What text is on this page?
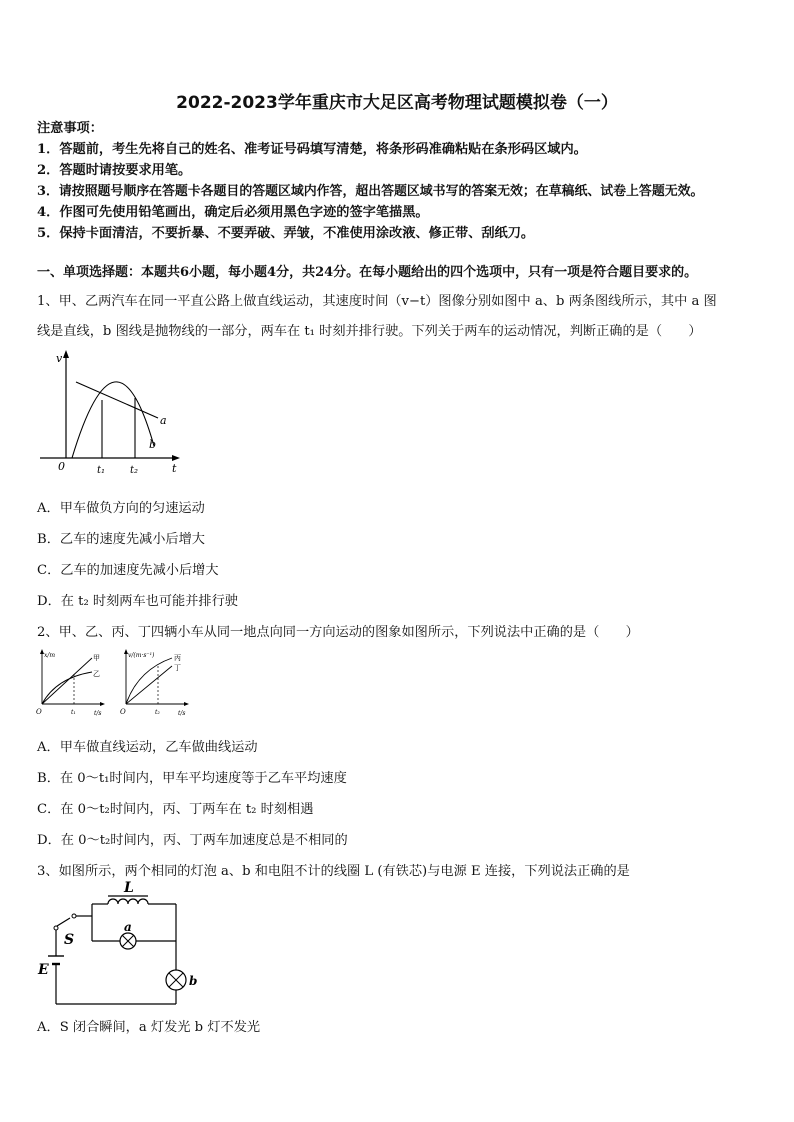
2022-2023学年重庆市大足区高考物理试题模拟卷（一）
注意事项：
1．答题前，考生先将自己的姓名、准考证号码填写清楚，将条形码准确粘贴在条形码区域内。
2．答题时请按要求用笔。
3．请按照题号顺序在答题卡各题目的答题区域内作答，超出答题区域书写的答案无效；在草稿纸、试卷上答题无效。
4．作图可先使用铅笔画出，确定后必须用黑色字迹的签字笔描黑。
5．保持卡面清洁，不要折暴、不要弄破、弄皱，不准使用涂改液、修正带、刮纸刀。
一、单项选择题：本题共6小题，每小题4分，共24分。在每小题给出的四个选项中，只有一项是符合题目要求的。
1、甲、乙两汽车在同一平直公路上做直线运动，其速度时间（v−t）图像分别如图中 a、b 两条图线所示，其中 a 图
线是直线，b 图线是抛物线的一部分，两车在 t₁ 时刻并排行驶。下列关于两车的运动情况，判断正确的是（　　）
v
t
0	t₁ t₂
a
b
A．甲车做负方向的匀速运动
B．乙车的速度先减小后增大
C．乙车的加速度先减小后增大
D．在 t₂ 时刻两车也可能并排行驶
2、甲、乙、丙、丁四辆小车从同一地点向同一方向运动的图象如图所示，下列说法中正确的是（　　）
x/m
t/s
O	t₁
甲
乙
v/(m·s⁻¹)
t/s
O	t₂
丙
丁
A．甲车做直线运动，乙车做曲线运动
B．在 0～t₁时间内，甲车平均速度等于乙车平均速度
C．在 0～t₂时间内，丙、丁两车在 t₂ 时刻相遇
D．在 0～t₂时间内，丙、丁两车加速度总是不相同的
3、如图所示，两个相同的灯泡 a、b 和电阻不计的线圈 L (有铁芯)与电源 E 连接，下列说法正确的是
L
S
E
a
b
A．S 闭合瞬间，a 灯发光 b 灯不发光
